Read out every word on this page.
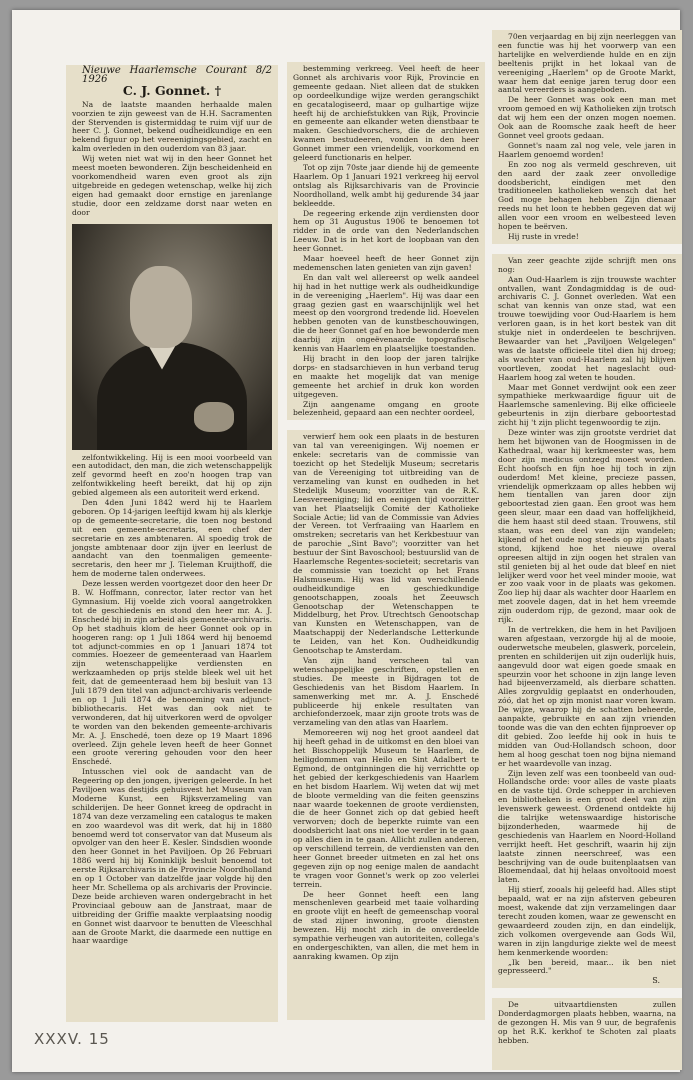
Nieuwe Haarlemsche Courant 8/2 1926
C. J. Gonnet. †

Na de laatste maanden herhaalde malen voorzien te zijn geweest van de H.H. Sacramenten der Stervenden is gistermiddag te ruim vijf uur de heer C. J. Gonnet, bekend oudheidkundige en een bekend figuur op het vereenigingsgebied, zacht en kalm overleden in den ouderdom van 83 jaar.

Wij weten niet wat wij in den heer Gonnet het meest moeten bewonderen. Zijn bescheidenheid en voorkomendheid waren even groot als zijn uitgebreide en gedegen wetenschap, welke hij zich eigen had gemaakt door ernstige en jarenlange studie, door een zeldzame dorst naar weten en door

zelfontwikkeling. Hij is een mooi voorbeeld van een autodidact, den man, die zich wetenschappelijk zelf gevormd heeft en zoo'n hoogen trap van zelfontwikkeling heeft bereikt, dat hij op zijn gebied algemeen als een autoriteit werd erkend.

Den 4den Juni 1842 werd hij te Haarlem geboren. Op 14-jarigen leeftijd kwam hij als klerkje op de gemeente-secretarie, die toen nog bestond uit een gemeente-secretaris, een chef der secretarie en zes ambtenaren. Al spoedig trok de jongste ambtenaar door zijn ijver en leerlust de aandacht van den toenmaligen gemeente-secretaris, den heer mr J. Tieleman Kruijthoff, die hem de moderne talen onderwees.

Deze lessen werden voortgezet door den heer Dr B. W. Hoffmann, conrector, later rector van het Gymnasium. Hij voelde zich vooral aangetrokken tot de geschiedenis en stond den heer mr. A. J. Enschedé bij in zijn arbeid als gemeente-archivaris. Op het stadhuis klom de heer Gonnet ook op in hoogeren rang: op 1 Juli 1864 werd hij benoemd tot adjunct-commies en op 1 Januari 1874 tot commies. Hoezeer de gemeenteraad van Haarlem zijn wetenschappelijke verdiensten en werkzaamheden op prijs stelde bleek wel uit het feit, dat de gemeenteraad hem bij besluit van 13 Juli 1879 den titel van adjunct-archivaris verleende en op 1 Juli 1874 de benoeming van adjunct-bibliothecaris. Het was dan ook niet te verwonderen, dat hij uitverkoren werd de opvolger te worden van den bekenden gemeente-archivaris Mr. A. J. Enschedé, toen deze op 19 Maart 1896 overleed. Zijn gehele leven heeft de heer Gonnet een groote verering gehouden voor den heer Enschedé.

Intusschen viel ook de aandacht van de Regeering op den jongen, ijverigen geleerde. In het Paviljoen was destijds gehuisvest het Museum van Moderne Kunst, een Rijksverzameling van schilderijen. De heer Gonnet kreeg de opdracht in 1874 van deze verzameling een catalogus te maken en zoo waardevol was dit werk, dat hij in 1880 benoemd werd tot conservator van dat Museum als opvolger van den heer E. Kesler. Sindsdien woonde den heer Gonnet in het Paviljoen. Op 26 Februari 1886 werd hij bij Koninklijk besluit benoemd tot eerste Rijksarchivaris in de Provincie Noordholland en op 1 October van datzelfde jaar volgde hij den heer Mr. Schellema op als archivaris der Provincie. Deze beide archieven waren ondergebracht in het Provinciaal gebouw aan de Janstraat, maar de uitbreiding der Griffie maakte verplaatsing noodig en Gonnet wist daarvoor te benutten de Vleeschhal aan de Groote Markt, die daarmede een nuttige en haar waardige

bestemming verkreeg. Veel heeft de heer Gonnet als archivaris voor Rijk, Provincie en gemeente gedaan. Niet alleen dat de stukken op oordeelkundige wijze werden gerangschikt en gecatalogiseerd, maar op gulhartige wijze heeft hij de archiefstukken van Rijk, Provincie en gemeente aan elkander weten dienstbaar te maken. Geschiedvorschers, die de archieven kwamen bestudeeren, vonden in den heer Gonnet immer een vriendelijk, voorkomend en geleerd functionaris en helper.

Tot op zijn 70ste jaar diende hij de gemeente Haarlem. Op 1 Januari 1921 verkreeg hij eervol ontslag als Rijksarchivaris van de Provincie Noordholland, welk ambt hij gedurende 34 jaar bekleedde.

De regeering erkende zijn verdiensten door hem op 31 Augustus 1906 te benoemen tot ridder in de orde van den Nederlandschen Leeuw. Dat is in het kort de loopbaan van den heer Gonnet.

Maar hoeveel heeft de heer Gonnet zijn medemenschen laten genieten van zijn gaven!

En dan valt wel allereerst op welk aandeel hij had in het nuttige werk als oudheidkundige in de vereeniging „Haerlem". Hij was daar een graag gezien gast en waarschijnlijk wel het meest op den voorgrond tredende lid. Hoevelen hebben genoten van de kunstbeschouwingen, die de heer Gonnet gaf en hoe bewonderde men daarbij zijn ongeëvenaarde topografische kennis van Haarlem en plaatselijke toestanden.

Hij bracht in den loop der jaren talrijke dorps- en stadsarchieven in hun verband terug en maakte het mogelijk dat van menige gemeente het archief in druk kon worden uitgegeven.

Zijn aangename omgang en groote belezenheid, gepaard aan een nechter oordeel,

verwierf hem ook een plaats in de besturen van tal van vereenigingen. Wij noemen er enkele: secretaris van de commissie van toezicht op het Stedelijk Museum; secretaris van de Vereeniging tot uitbreiding van de verzameling van kunst en oudheden in het Stedelijk Museum; voorzitter van de R.K. Leesvereeniging; lid en eenigen tijd voorzitter van het Plaatselijk Comité der Katholieke Sociale Actie; lid van de Commissie van Advies der Vereen. tot Verfraaiing van Haarlem en omstreken; secretaris van het Kerkbestuur van de parochie „Sint Bavo"; voorzitter van het bestuur der Sint Bavoschool; bestuurslid van de Haarlemsche Regentes-societeit; secretaris van de commissie van toezicht op het Frans Halsmuseum. Hij was lid van verschillende oudheidkundige en geschiedkundige genootschappen, zooals het Zeeuwsch Genootschap der Wetenschappen te Middelburg, het Prov. Utrechtsch Genootschap van Kunsten en Wetenschappen, van de Maatschappij der Nederlandsche Letterkunde te Leiden, van het Kon. Oudheidkundig Genootschap te Amsterdam.

Van zijn hand verscheen tal van wetenschappelijke geschriften, opstellen en studies. De meeste in Bijdragen tot de Geschiedenis van het Bisdom Haarlem. In samenwerking met mr. A. J. Enschedé publiceerde hij enkele resultaten van archiefonderzoek, maar zijn groote trots was de verzameling van den atlas van Haarlem.

Memoreeren wij nog het groot aandeel dat hij heeft gehad in de uitkomst en den bloei van het Bisschoppelijk Museum te Haarlem, de heiligdommen van Heilo en Sint Adalbert te Egmond, de ontginningen die hij verrichtte op het gebied der kerkgeschiedenis van Haarlem en het bisdom Haarlem. Wij weten dat wij met de bloote vermelding van die feiten geenszins naar waarde toekennen de groote verdiensten, die de heer Gonnet zich op dat gebied heeft verworven; doch de beperkte ruimte van een doodsbericht laat ons niet toe verder in te gaan op alles dien in te gaan. Allicht zullen anderen, op verschillend terrein, de verdiensten van den heer Gonnet breeder uitmeten en zal het ons gegeven zijn op nog eenige malen de aandacht te vragen voor Gonnet's werk op zoo velerlei terrein.

De heer Gonnet heeft een lang menschenleven gearbeid met taaie volharding en groote vlijt en heeft de gemeenschap vooral de stad zijner inwoning, groote diensten bewezen. Hij mocht zich in de onverdeelde sympathie verheugen van autoriteiten, collega's en ondergeschikten, van allen, die met hem in aanraking kwamen. Op zijn

70en verjaardag en bij zijn neerleggen van een functie was hij het voorwerp van een hartelijke en welverdiende hulde en en zijn beeltenis prijkt in het lokaal van de vereeniging „Haerlem" op de Groote Markt, waar hem dat eenige jaren terug door een aantal vereerders is aangeboden.

De heer Gonnet was ook een man met vroom gemoed en wij Katholieken zijn trotsch dat wij hem een der onzen mogen noemen. Ook aan de Roomsche zaak heeft de heer Gonnet veel groots gedaan.

Gonnet's naam zal nog vele, vele jaren in Haarlem genoemd worden!

En zoo nog als vermeld geschreven, uit den aard der zaak zeer onvolledige doodsbericht, eindigen met den traditioneelen katholieken wensch dat het God moge behagen hebben Zijn dienaar reeds nu het loon te hebben gegeven dat wij allen voor een vroom en welbesteed leven hopen te beërven.

Hij ruste in vrede!

Van zeer geachte zijde schrijft men ons nog:

Aan Oud-Haarlem is zijn trouwste wachter ontvallen, want Zondagmiddag is de oud-archivaris C. J. Gonnet overleden. Wat een schat van kennis van onze stad, wat een trouwe toewijding voor Oud-Haarlem is hem verloren gaan, is in het kort bestek van dit stukje niet in onderdeelen te beschrijven. Bewaarder van het „Paviljoen Welgelegen" was de laatste officieele titel dien hij droeg; als wachter van oud-Haarlem zal hij blijven voortleven, zoodat het nageslacht oud-Haarlem hoog zal weten te houden.

Maar met Gonnet verdwijnt ook een zeer sympathieke merkwaardige figuur uit de Haarlemsche samenleving. Bij elke officieele gebeurtenis in zijn dierbare geboortestad zicht hij 't zijn plicht tegenwoordig te zijn.

Deze winter was zijn grootste verdriet dat hem het bijwonen van de Hoogmissen in de Kathedraal, waar hij kerkmeester was, hem door zijn medicus ontzegd moest worden. Echt hoofsch en fijn hoe hij toch in zijn ouderdom! Met kleine, precieze passen, vriendelijk opmerkzaam op alles hebben wij hem tientallen van jaren door zijn geboortestad zien gaan. Een groot was hem geen sleur, maar een daad van hoffelijkheid, die hem haast stil deed staan. Trouwens, stil staan, was een deel van zijn wandelen; kijkend of het oude nog steeds op zijn plaats stond, kijkend hoe het nieuwe overal opreesen altijd in zijn oogen het stralen van stil genieten bij al het oude dat bleef en niet lelijker werd voor het veel minder mooie, wat er zoo vaak voor in de plaats was gekomen. Zoo liep hij daar als wachter door Haarlem en met zoovele dagen, dat in het hem vreemde zijn ouderdom rijp, de gezond, maar ook de rijk.

In de vertrekken, die hem in het Paviljoen waren afgestaan, verzorgde hij al de mooie, ouderwetsche meubelen, glaswerk, porcelein, prenten en schilderijen uit zijn ouderlijk huis, aangevuld door wat eigen goede smaak en speurzin voor het schoone in zijn lange leven had bijeenverzameld, als dierbare schatten. Alles zorgvuldig geplaatst en onderhouden, zóó, dat het op zijn monist naar voren kwam. De wijze, waarop hij de schatten beheerde, aanpakte, gebruikte en aan zijn vrienden toonde was die van den echten fijnproever op dit gebied. Zoo leefde hij ook in huis te midden van Oud-Hollandsch schoon, door hem al hoog geschat toen nog bijna niemand er het waardevolle van inzag.

Zijn leven zelf was een toonbeeld van oud-Hollandsche orde: voor alles de vaste plaats en de vaste tijd. Orde schepper in archieven en bibliotheken is een groot deel van zijn levenswerk geweest. Ordenend ontdekte hij die talrijke wetenswaardige historische bijzonderheden, waarmede hij de geschiedenis van Haarlem en Noord-Holland verrijkt heeft. Het geschrift, waarin hij zijn laatste zinnen neerschreef, was een beschrijving van de oude buitenplaatsen van Bloemendaal, dat hij helaas onvoltooid moest laten.

Hij stierf, zooals hij geleefd had. Alles stipt bepaald, wat er na zijn afsterven gebeuren moest, wakende dat zijn verzamelingen daar terecht zouden komen, waar ze gewenscht en gewaardeerd zouden zijn, en dan eindelijk, zich volkomen overgevende aan Gods Wil, waren in zijn langdurige ziekte wel de meest hem kenmerkende woorden:

„Ik ben bereid, maar... ik ben niet gepresseerd."

S.

De uitvaartdiensten zullen Donderdagmorgen plaats hebben, waarna, na de gezongen H. Mis van 9 uur, de begrafenis op het R.K. kerkhof te Schoten zal plaats hebben.

XXXV. 15
